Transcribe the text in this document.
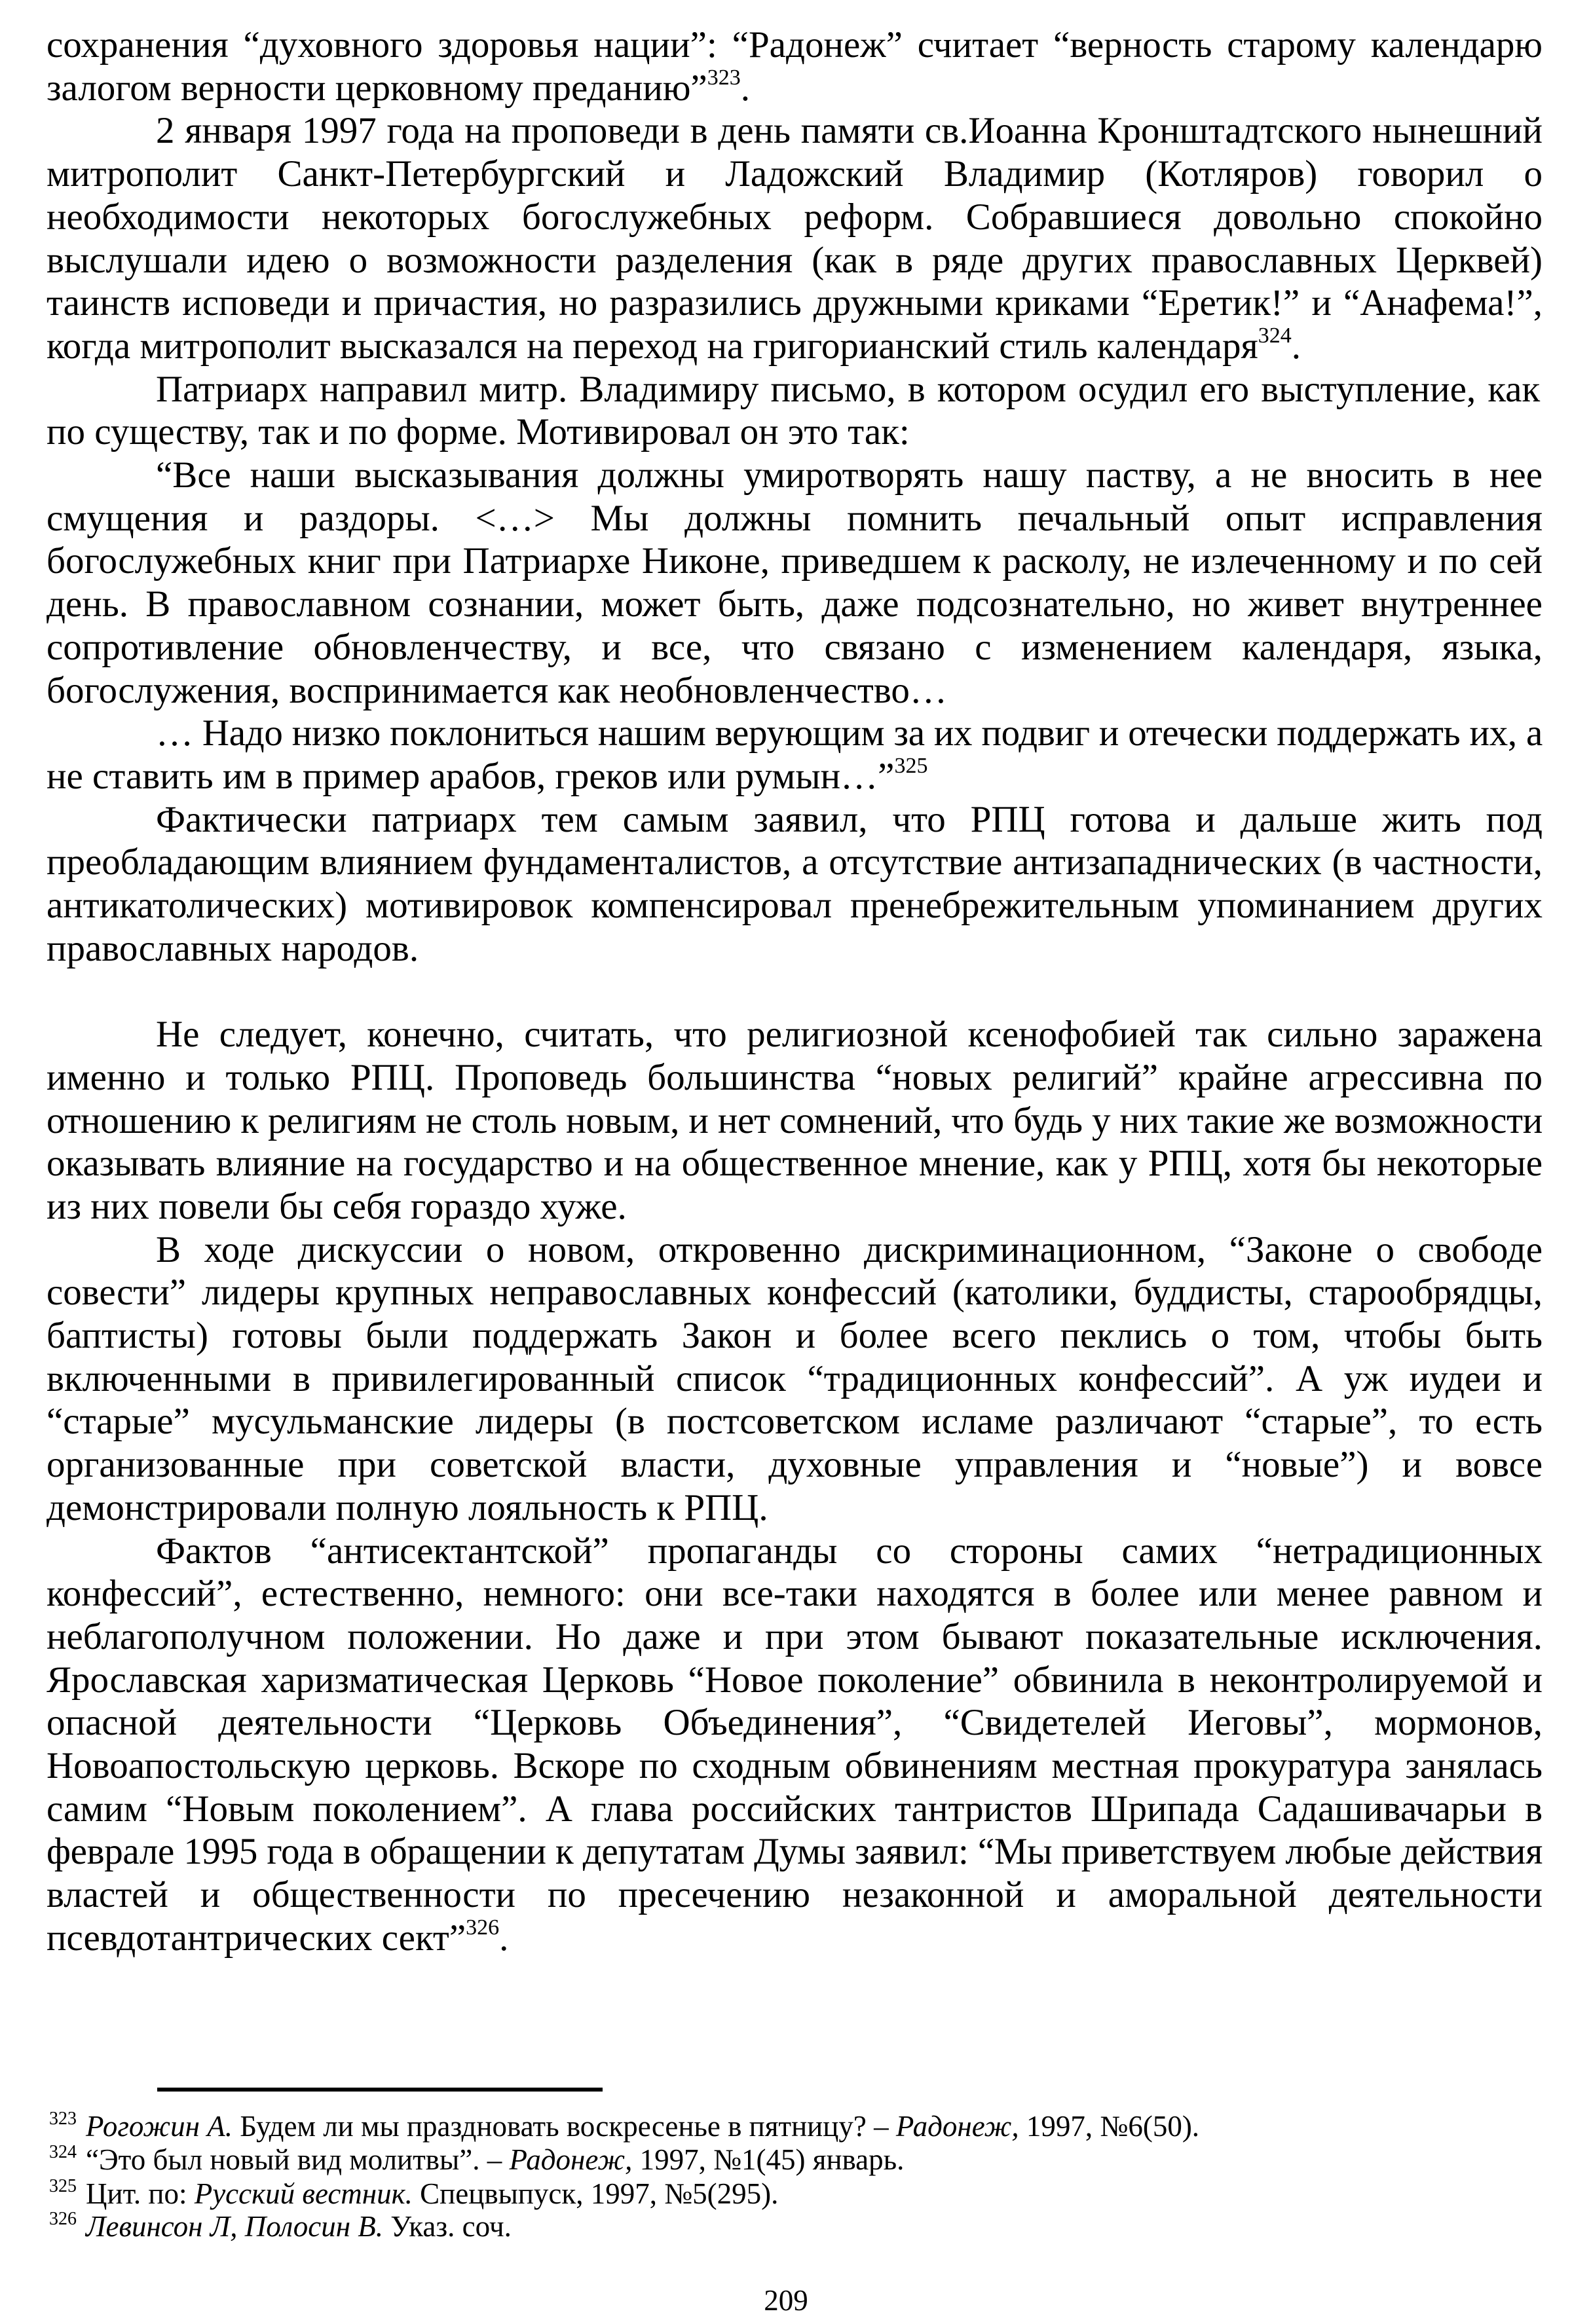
сохранения “духовного здоровья нации”: “Радонеж” считает “верность старому календарю
залогом верности церковному преданию”$^{323}$.
2 января 1997 года на проповеди в день памяти св.Иоанна Кронштадтского нынешний
митрополит Санкт-Петербургский и Ладожский Владимир (Котляров) говорил о
необходимости некоторых богослужебных реформ. Собравшиеся довольно спокойно
выслушали идею о возможности разделения (как в ряде других православных Церквей)
таинств исповеди и причастия, но разразились дружными криками “Еретик!” и “Анафема!”,
когда митрополит высказался на переход на григорианский стиль календаря$^{324}$.
Патриарх направил митр. Владимиру письмо, в котором осудил его выступление, как
по существу, так и по форме. Мотивировал он это так:
“Все наши высказывания должны умиротворять нашу паству, а не вносить в нее
смущения и раздоры. <…> Мы должны помнить печальный опыт исправления
богослужебных книг при Патриархе Никоне, приведшем к расколу, не излеченному и по сей
день. В православном сознании, может быть, даже подсознательно, но живет внутреннее
сопротивление обновленчеству, и все, что связано с изменением календаря, языка,
богослужения, воспринимается как необновленчество…
… Надо низко поклониться нашим верующим за их подвиг и отечески поддержать их, а
не ставить им в пример арабов, греков или румын…”$^{325}$
Фактически патриарх тем самым заявил, что РПЦ готова и дальше жить под
преобладающим влиянием фундаменталистов, а отсутствие антизападнических (в частности,
антикатолических) мотивировок компенсировал пренебрежительным упоминанием других
православных народов.
Не следует, конечно, считать, что религиозной ксенофобией так сильно заражена
именно и только РПЦ. Проповедь большинства “новых религий” крайне агрессивна по
отношению к религиям не столь новым, и нет сомнений, что будь у них такие же возможности
оказывать влияние на государство и на общественное мнение, как у РПЦ, хотя бы некоторые
из них повели бы себя гораздо хуже.
В ходе дискуссии о новом, откровенно дискриминационном, “Законе о свободе
совести” лидеры крупных неправославных конфессий (католики, буддисты, старообрядцы,
баптисты) готовы были поддержать Закон и более всего пеклись о том, чтобы быть
включенными в привилегированный список “традиционных конфессий”. А уж иудеи и
“старые” мусульманские лидеры (в постсоветском исламе различают “старые”, то есть
организованные при советской власти, духовные управления и “новые”) и вовсе
демонстрировали полную лояльность к РПЦ.
Фактов “антисектантской” пропаганды со стороны самих “нетрадиционных
конфессий”, естественно, немного: они все-таки находятся в более или менее равном и
неблагополучном положении. Но даже и при этом бывают показательные исключения.
Ярославская харизматическая Церковь “Новое поколение” обвинила в неконтролируемой и
опасной деятельности “Церковь Объединения”, “Свидетелей Иеговы”, мормонов,
Новоапостольскую церковь. Вскоре по сходным обвинениям местная прокуратура занялась
самим “Новым поколением”. А глава российских тантристов Шрипада Садашивачарьи в
феврале 1995 года в обращении к депутатам Думы заявил: “Мы приветствуем любые действия
властей и общественности по пресечению незаконной и аморальной деятельности
псевдотантрических сект”$^{326}$.
$^{323}$ Рогожин А. Будем ли мы праздновать воскресенье в пятницу? – Радонеж, 1997, №6(50).
$^{324}$ “Это был новый вид молитвы”. – Радонеж, 1997, №1(45) январь.
$^{325}$ Цит. по: Русский вестник. Спецвыпуск, 1997, №5(295).
$^{326}$ Левинсон Л, Полосин В. Указ. соч.
209
